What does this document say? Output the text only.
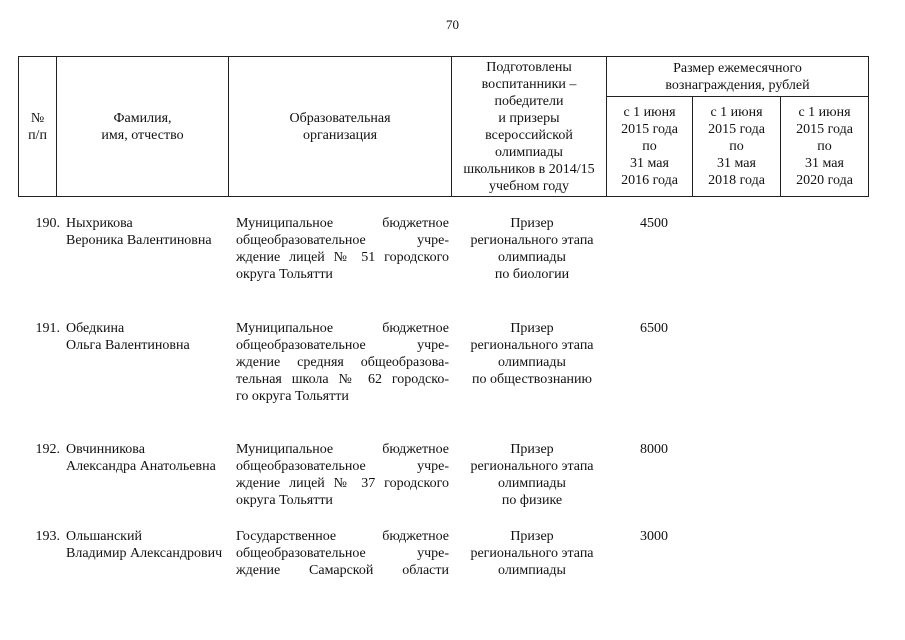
70
№ п/п
Фамилия,
имя, отчество
Образовательная
организация
Подготовлены
воспитанники –
победители
и призеры
всероссийской
олимпиады
школьников в 2014/15
учебном году
Размер ежемесячного
вознаграждения, рублей
с 1 июня
2015 года
по
31 мая
2016 года
с 1 июня
2015 года
по
31 мая
2018 года
с 1 июня
2015 года
по
31 мая
2020 года
190. Ныхрикова
Вероника Валентиновна
Муниципальное бюджетное
общеобразовательное учре-
ждение лицей № 51 городского
округа Тольятти
Призер
регионального этапа
олимпиады
по биологии
4500
191. Обедкина
Ольга Валентиновна
Муниципальное бюджетное
общеобразовательное учре-
ждение средняя общеобразова-
тельная школа № 62 городско-
го округа Тольятти
Призер
регионального этапа
олимпиады
по обществознанию
6500
192. Овчинникова
Александра Анатольевна
Муниципальное бюджетное
общеобразовательное учре-
ждение лицей № 37 городского
округа Тольятти
Призер
регионального этапа
олимпиады
по физике
8000
193. Ольшанский
Владимир Александрович
Государственное бюджетное
общеобразовательное учре-
ждение Самарской области
Призер
регионального этапа
олимпиады
3000
